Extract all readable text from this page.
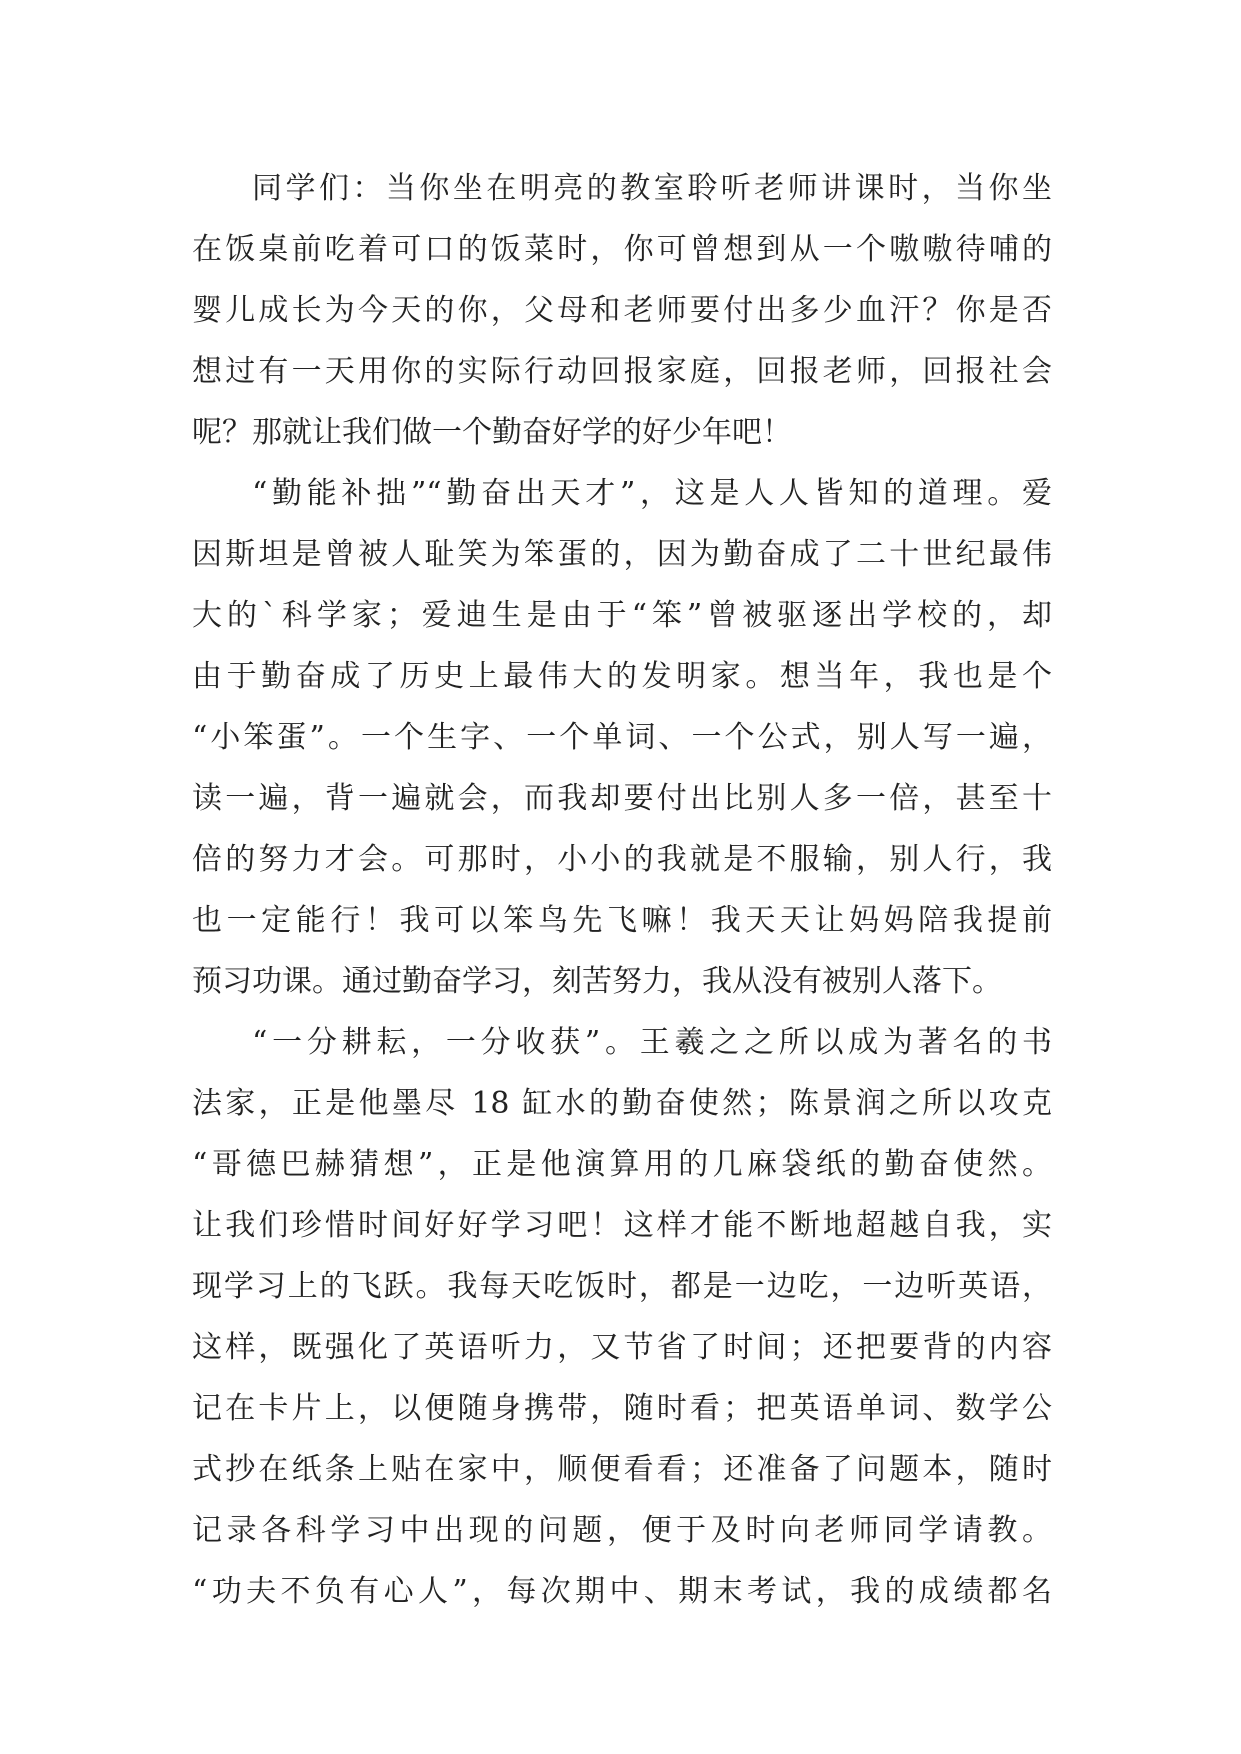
同学们：当你坐在明亮的教室聆听老师讲课时，当你坐
在饭桌前吃着可口的饭菜时，你可曾想到从一个嗷嗷待哺的
婴儿成长为今天的你，父母和老师要付出多少血汗？你是否
想过有一天用你的实际行动回报家庭，回报老师，回报社会
呢？那就让我们做一个勤奋好学的好少年吧！
“勤能补拙”“勤奋出天才”，这是人人皆知的道理。爱
因斯坦是曾被人耻笑为笨蛋的，因为勤奋成了二十世纪最伟
大的`科学家；爱迪生是由于“笨”曾被驱逐出学校的，却
由于勤奋成了历史上最伟大的发明家。想当年，我也是个
“小笨蛋”。一个生字、一个单词、一个公式，别人写一遍，
读一遍，背一遍就会，而我却要付出比别人多一倍，甚至十
倍的努力才会。可那时，小小的我就是不服输，别人行，我
也一定能行！我可以笨鸟先飞嘛！我天天让妈妈陪我提前
预习功课。通过勤奋学习，刻苦努力，我从没有被别人落下。
“一分耕耘，一分收获”。王羲之之所以成为著名的书
法家，正是他墨尽 18 缸水的勤奋使然；陈景润之所以攻克
“哥德巴赫猜想”，正是他演算用的几麻袋纸的勤奋使然。
让我们珍惜时间好好学习吧！这样才能不断地超越自我，实
现学习上的飞跃。我每天吃饭时，都是一边吃，一边听英语，
这样，既强化了英语听力，又节省了时间；还把要背的内容
记在卡片上，以便随身携带，随时看；把英语单词、数学公
式抄在纸条上贴在家中，顺便看看；还准备了问题本，随时
记录各科学习中出现的问题，便于及时向老师同学请教。
“功夫不负有心人”，每次期中、期末考试，我的成绩都名
